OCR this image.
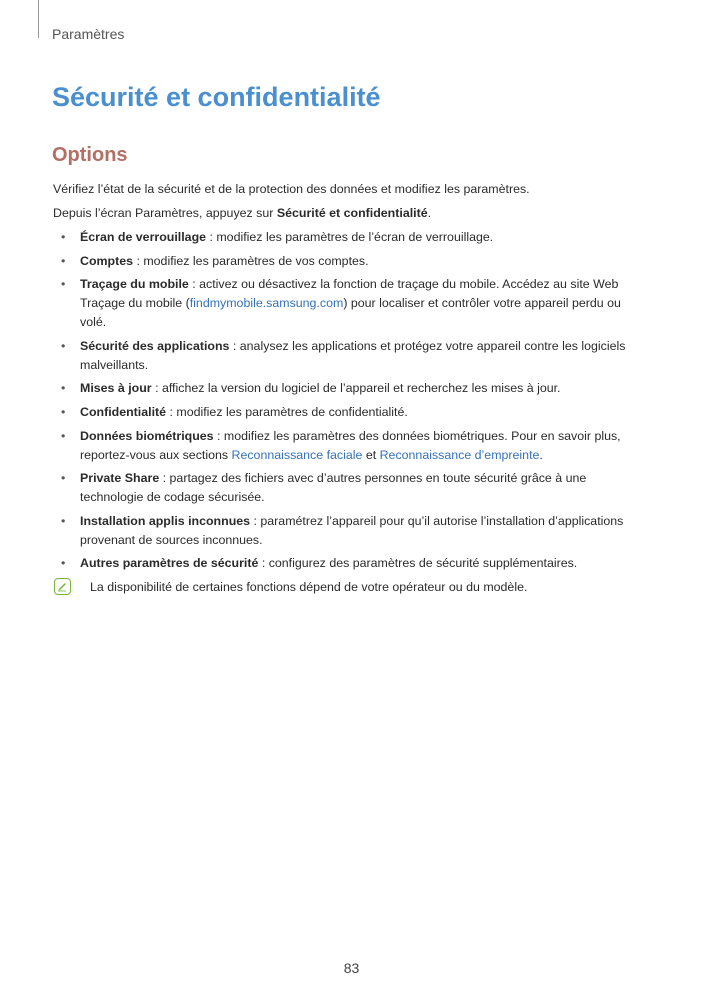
Paramètres
Sécurité et confidentialité
Options

Vérifiez l’état de la sécurité et de la protection des données et modifiez les paramètres.

Depuis l’écran Paramètres, appuyez sur Sécurité et confidentialité.

• Écran de verrouillage : modifiez les paramètres de l’écran de verrouillage.
• Comptes : modifiez les paramètres de vos comptes.
• Traçage du mobile : activez ou désactivez la fonction de traçage du mobile. Accédez au site Web Traçage du mobile (findmymobile.samsung.com) pour localiser et contrôler votre appareil perdu ou volé.
• Sécurité des applications : analysez les applications et protégez votre appareil contre les logiciels malveillants.
• Mises à jour : affichez la version du logiciel de l’appareil et recherchez les mises à jour.
• Confidentialité : modifiez les paramètres de confidentialité.
• Données biométriques : modifiez les paramètres des données biométriques. Pour en savoir plus, reportez-vous aux sections Reconnaissance faciale et Reconnaissance d’empreinte.
• Private Share : partagez des fichiers avec d’autres personnes en toute sécurité grâce à une technologie de codage sécurisée.
• Installation applis inconnues : paramétrez l’appareil pour qu’il autorise l’installation d’applications provenant de sources inconnues.
• Autres paramètres de sécurité : configurez des paramètres de sécurité supplémentaires.
La disponibilité de certaines fonctions dépend de votre opérateur ou du modèle.
83
